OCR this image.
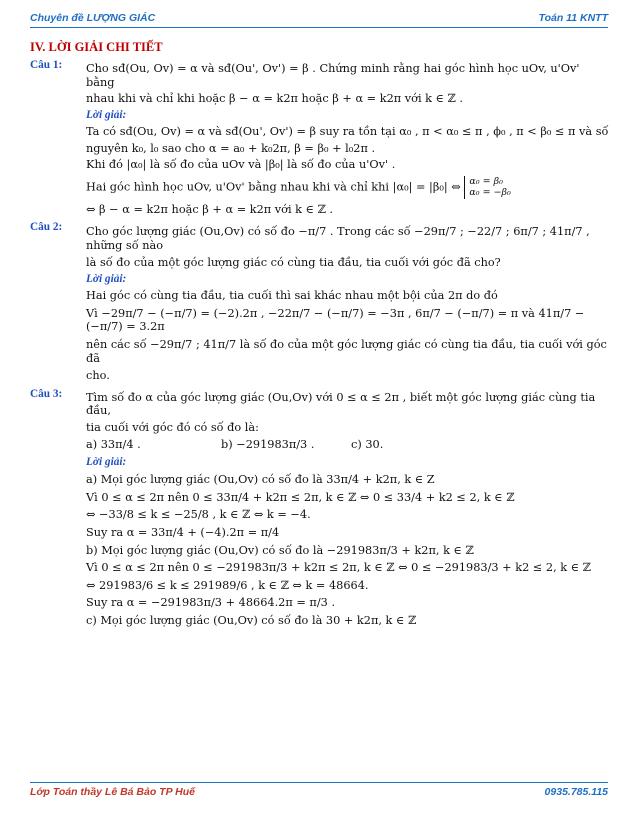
Chuyên đề LƯỢNG GIÁC	Toán 11 KNTT
IV. LỜI GIẢI CHI TIẾT
Câu 1:	Cho sđ(Ou, Ov) = α và sđ(Ou', Ov') = β . Chứng minh rằng hai góc hình học uOv, u'Ov' bằng
nhau khi và chỉ khi hoặc β − α = k2π hoặc β + α = k2π với k ∈ ℤ .
Lời giải:
Ta có sđ(Ou, Ov) = α và sđ(Ou', Ov') = β suy ra tồn tại α₀ , π < α₀ ≤ π , ϕ₀ , π < β₀ ≤ π và số
nguyên k₀, l₀ sao cho α = a₀ + k₀2π, β = β₀ + l₀2π .
Khi đó |α₀| là số đo của uOv và |β₀| là số đo của u'Ov' .
Hai góc hình học uOv, u'Ov' bằng nhau khi và chỉ khi |α₀| = |β₀| ⇔ α₀ = β₀
α₀ = −β₀
⇔ β − α = k2π hoặc β + α = k2π với k ∈ ℤ .
Câu 2:	Cho góc lượng giác (Ou,Ov) có số đo −π/7 . Trong các số −29π/7 ; −22/7 ; 6π/7 ; 41π/7 , những số nào
là số đo của một góc lượng giác có cùng tia đầu, tia cuối với góc đã cho?
Lời giải:
Hai góc có cùng tia đầu, tia cuối thì sai khác nhau một bội của 2π do đó
Vì −29π/7 − (−π/7) = (−2).2π , −22π/7 − (−π/7) = −3π , 6π/7 − (−π/7) = π và 41π/7 − (−π/7) = 3.2π
nên các số −29π/7 ; 41π/7 là số đo của một góc lượng giác có cùng tia đầu, tia cuối với góc đã
cho.
Câu 3:	Tìm số đo α của góc lượng giác (Ou,Ov) với 0 ≤ α ≤ 2π , biết một góc lượng giác cùng tia đầu,
tia cuối với góc đó có số đo là:
a) 33π/4 .	b) −291983π/3 .	c) 30.
Lời giải:
a) Mọi góc lượng giác (Ou,Ov) có số đo là 33π/4 + k2π, k ∈ Z
Vì 0 ≤ α ≤ 2π nên 0 ≤ 33π/4 + k2π ≤ 2π, k ∈ ℤ ⇔ 0 ≤ 33/4 + k2 ≤ 2, k ∈ ℤ
⇔ −33/8 ≤ k ≤ −25/8 , k ∈ ℤ ⇔ k = −4.
Suy ra α = 33π/4 + (−4).2π = π/4
b) Mọi góc lượng giác (Ou,Ov) có số đo là −291983π/3 + k2π, k ∈ ℤ
Vì 0 ≤ α ≤ 2π nên 0 ≤ −291983π/3 + k2π ≤ 2π, k ∈ ℤ ⇔ 0 ≤ −291983/3 + k2 ≤ 2, k ∈ ℤ
⇔ 291983/6 ≤ k ≤ 291989/6 , k ∈ ℤ ⇔ k = 48664.
Suy ra α = −291983π/3 + 48664.2π = π/3 .
c) Mọi góc lượng giác (Ou,Ov) có số đo là 30 + k2π, k ∈ ℤ
Lớp Toán thầy Lê Bá Bảo TP Huế	0935.785.115
